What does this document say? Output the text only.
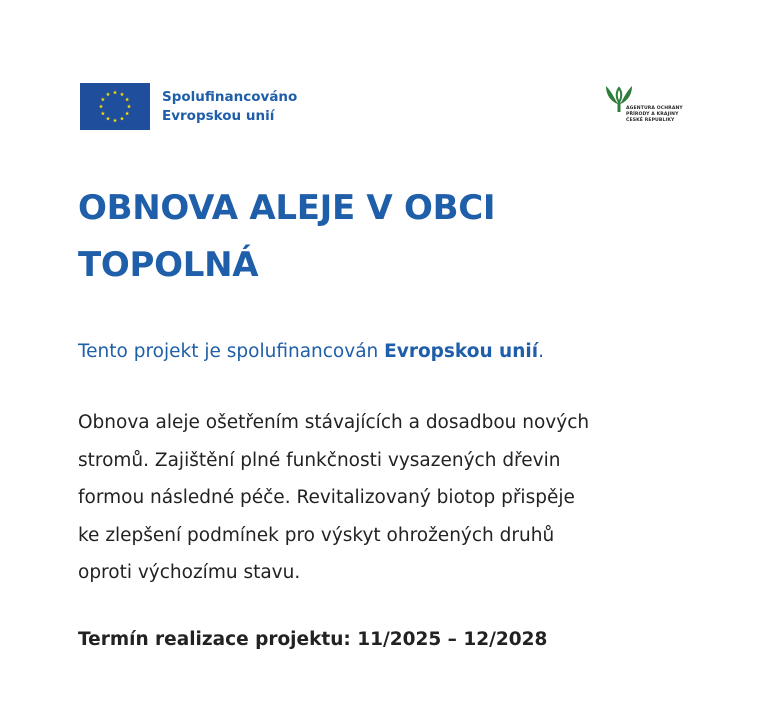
Spolufinancováno
Evropskou unií	AGENTURA OCHRANY
PŘÍRODY A KRAJINY
ČESKÉ REPUBLIKY
OBNOVA ALEJE V OBCI
TOPOLNÁ

Tento projekt je spolufinancován Evropskou unií.

Obnova aleje ošetřením stávajících a dosadbou nových
stromů. Zajištění plné funkčnosti vysazených dřevin
formou následné péče. Revitalizovaný biotop přispěje
ke zlepšení podmínek pro výskyt ohrožených druhů
oproti výchozímu stavu.

Termín realizace projektu: 11/2025 – 12/2028
